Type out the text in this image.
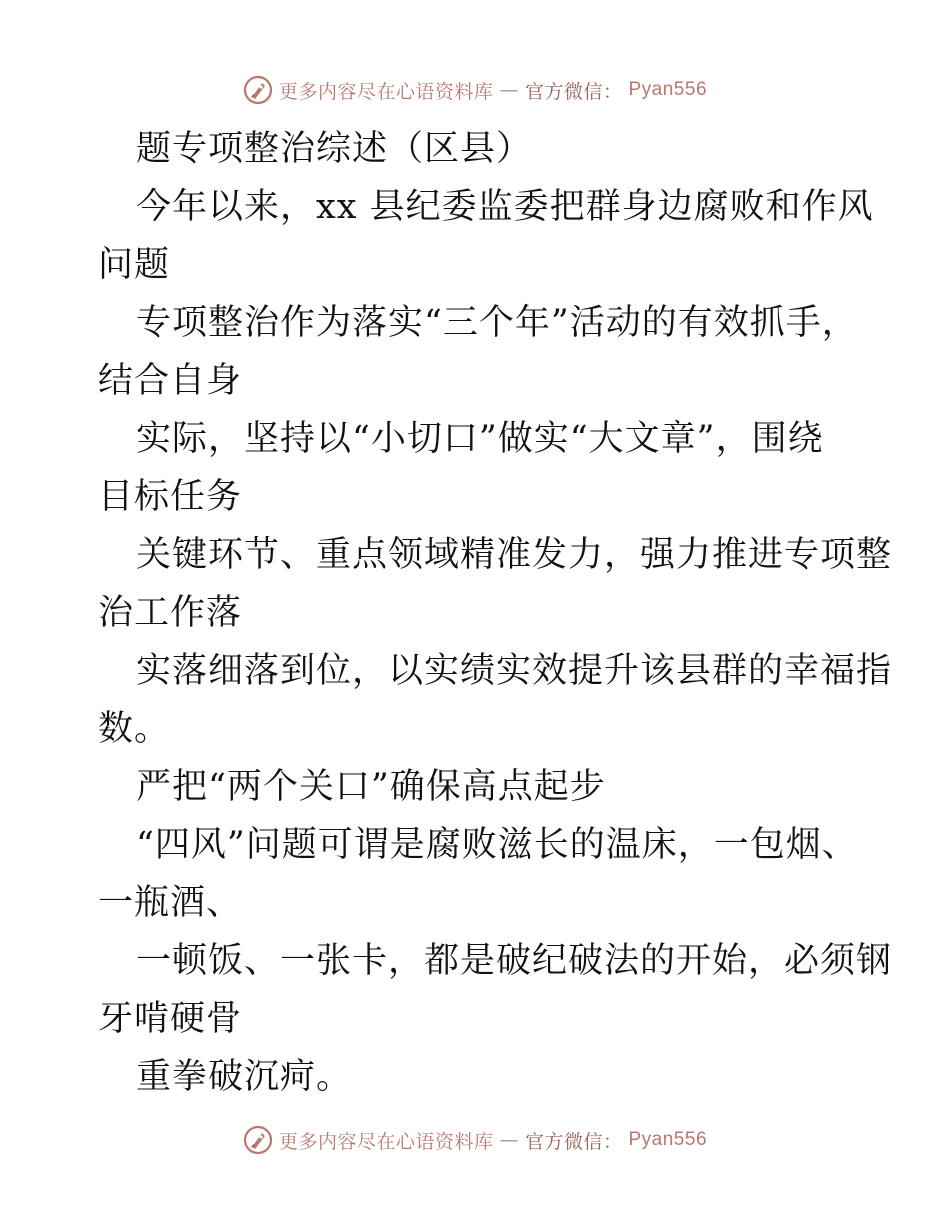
更多内容尽在心语资料库 — 官方微信： Pyan556
题专项整治综述（区县）
今年以来，xx 县纪委监委把群身边腐败和作风
问题
专项整治作为落实“三个年”活动的有效抓手，
结合自身
实际，坚持以“小切口”做实“大文章”，围绕
目标任务
关键环节、重点领域精准发力，强力推进专项整
治工作落
实落细落到位，以实绩实效提升该县群的幸福指
数。
严把“两个关口”确保高点起步
“四风”问题可谓是腐败滋长的温床，一包烟、
一瓶酒、
一顿饭、一张卡，都是破纪破法的开始，必须钢
牙啃硬骨
重拳破沉疴。
更多内容尽在心语资料库 — 官方微信： Pyan556
